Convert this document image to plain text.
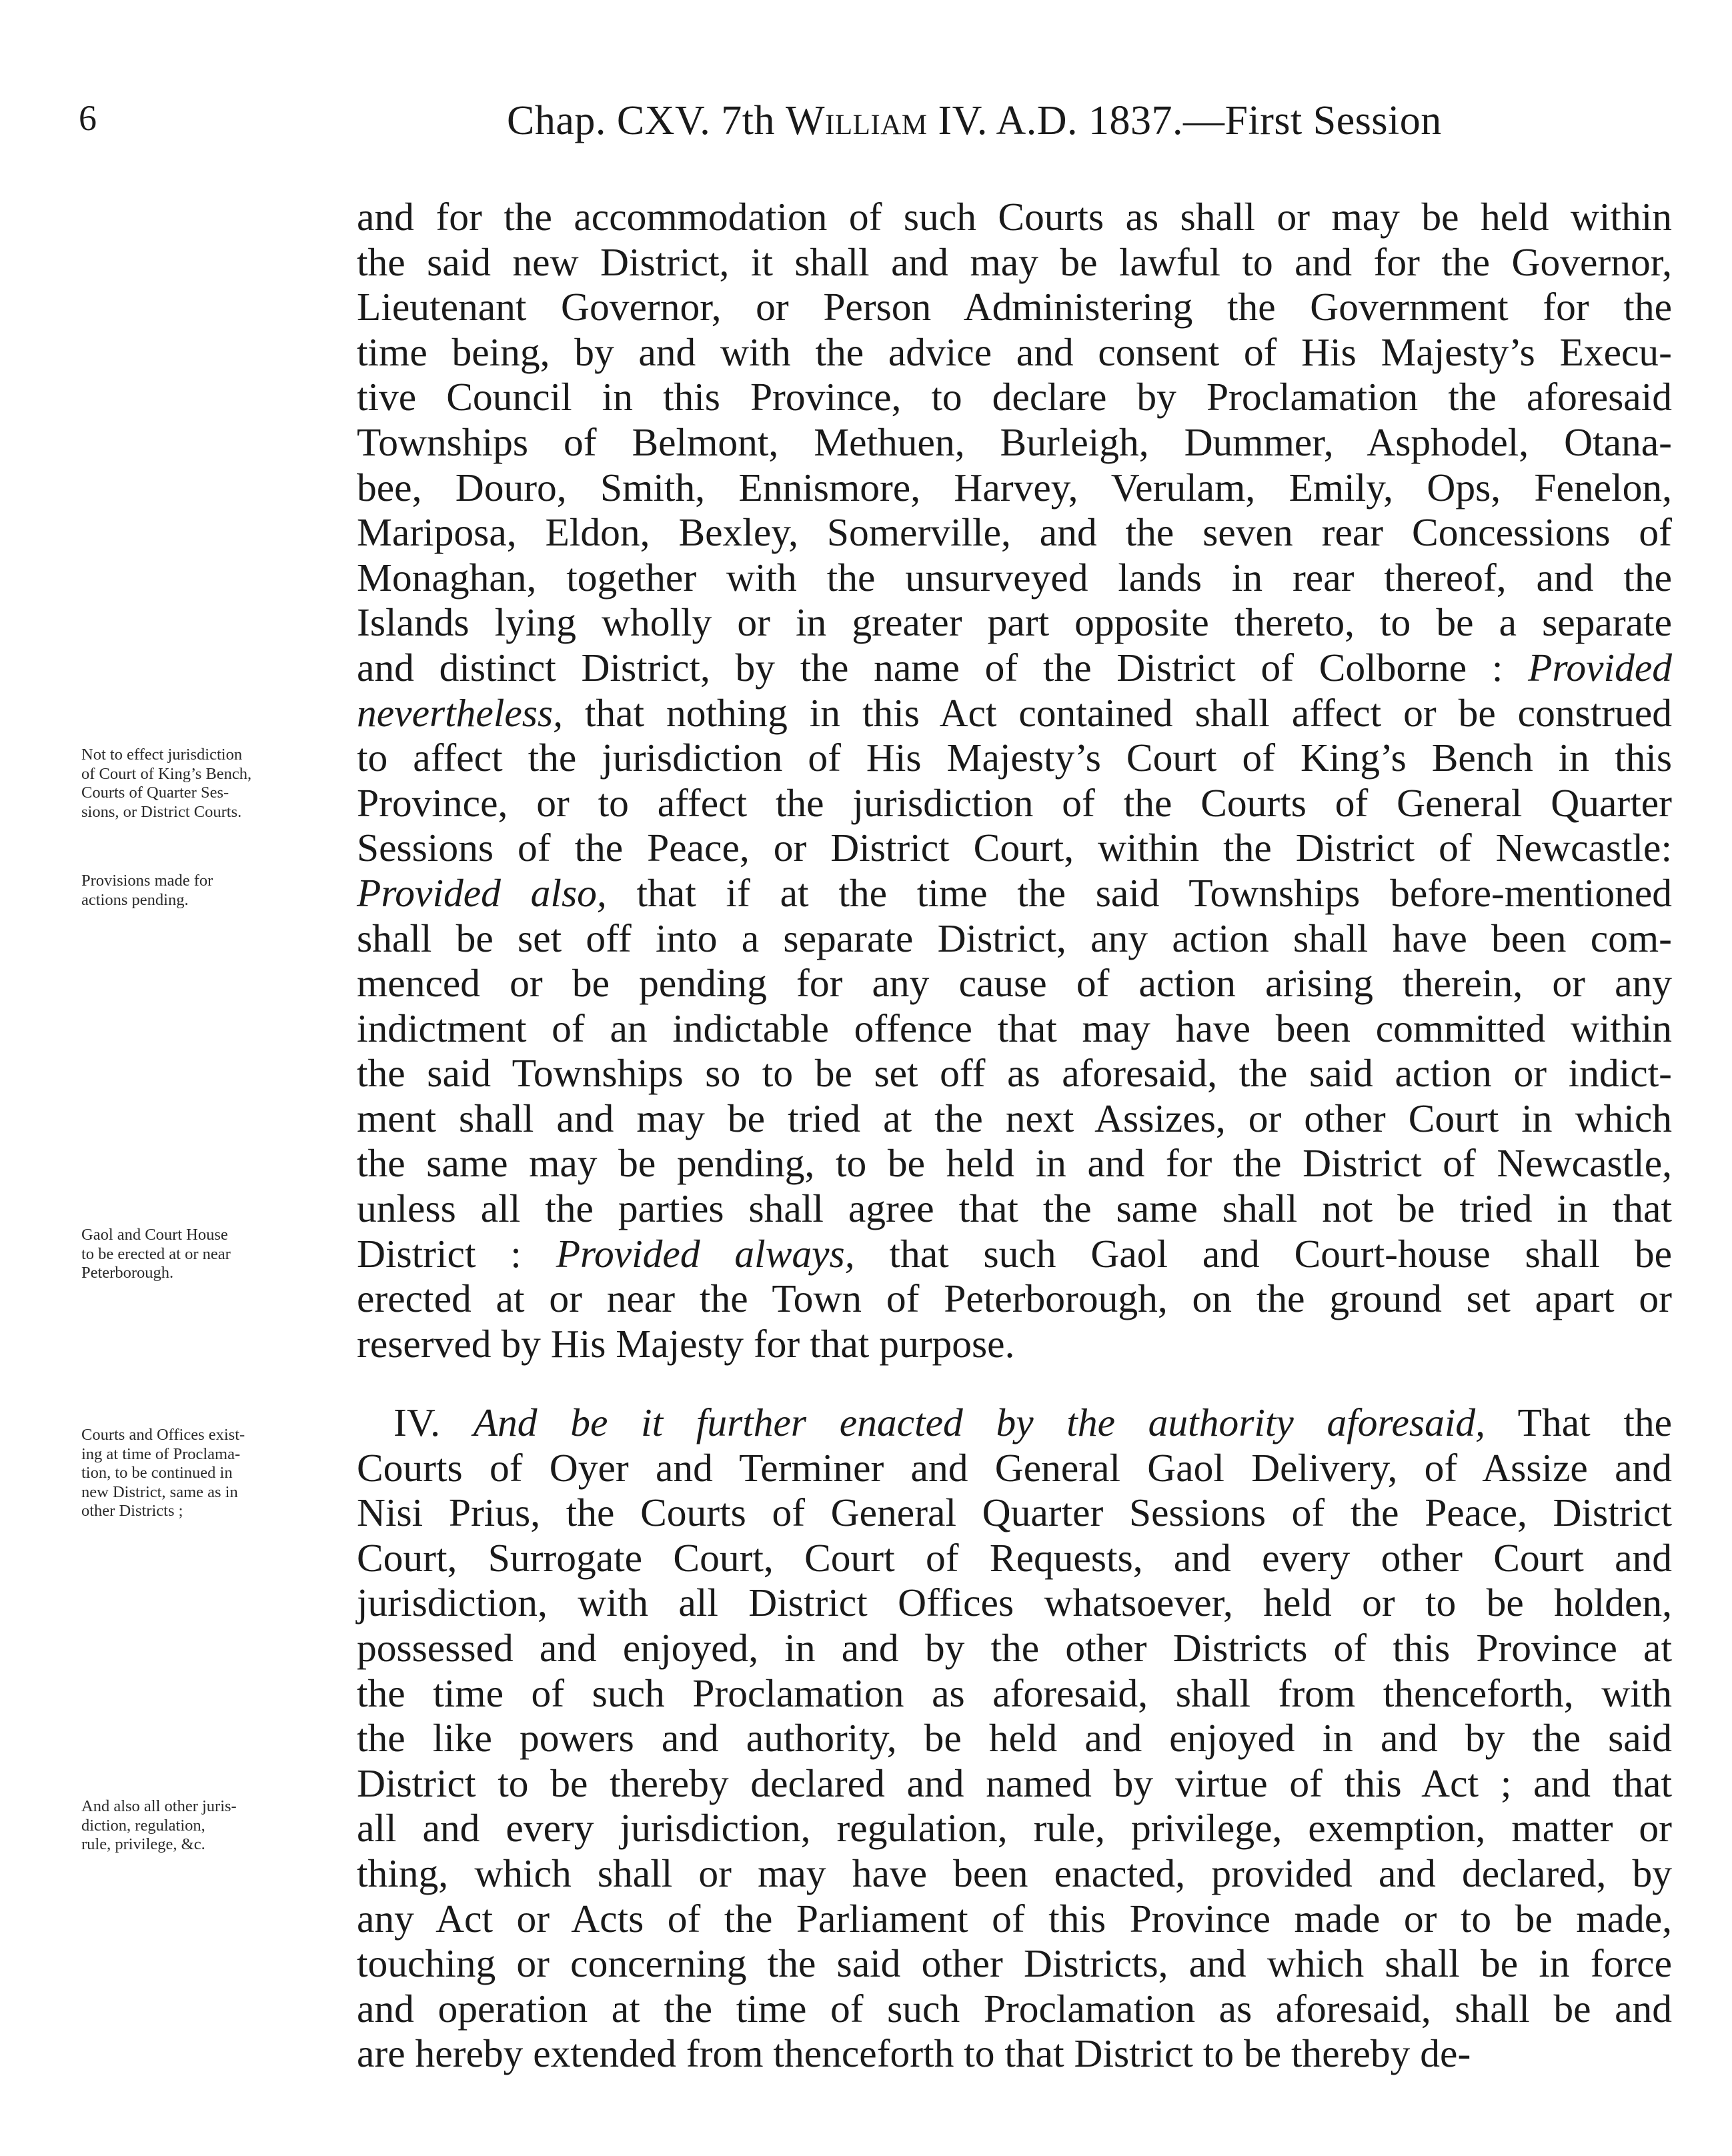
6	Chap. CXV. 7th William IV. A.D. 1837.—First Session
and for the accommodation of such Courts as shall or may be held within
the said new District, it shall and may be lawful to and for the Governor,
Lieutenant Governor, or Person Administering the Government for the
time being, by and with the advice and consent of His Majesty’s Execu-
tive Council in this Province, to declare by Proclamation the aforesaid
Townships of Belmont, Methuen, Burleigh, Dummer, Asphodel, Otana-
bee, Douro, Smith, Ennismore, Harvey, Verulam, Emily, Ops, Fenelon,
Mariposa, Eldon, Bexley, Somerville, and the seven rear Concessions of
Monaghan, together with the unsurveyed lands in rear thereof, and the
Islands lying wholly or in greater part opposite thereto, to be a separate
and distinct District, by the name of the District of Colborne : Provided
nevertheless, that nothing in this Act contained shall affect or be construed
to affect the jurisdiction of His Majesty’s Court of King’s Bench in this
Province, or to affect the jurisdiction of the Courts of General Quarter
Sessions of the Peace, or District Court, within the District of Newcastle:
Provided also, that if at the time the said Townships before-mentioned
shall be set off into a separate District, any action shall have been com-
menced or be pending for any cause of action arising therein, or any
indictment of an indictable offence that may have been committed within
the said Townships so to be set off as aforesaid, the said action or indict-
ment shall and may be tried at the next Assizes, or other Court in which
the same may be pending, to be held in and for the District of Newcastle,
unless all the parties shall agree that the same shall not be tried in that
District : Provided always, that such Gaol and Court-house shall be
erected at or near the Town of Peterborough, on the ground set apart or
reserved by His Majesty for that purpose.
IV. And be it further enacted by the authority aforesaid, That the
Courts of Oyer and Terminer and General Gaol Delivery, of Assize and
Nisi Prius, the Courts of General Quarter Sessions of the Peace, District
Court, Surrogate Court, Court of Requests, and every other Court and
jurisdiction, with all District Offices whatsoever, held or to be holden,
possessed and enjoyed, in and by the other Districts of this Province at
the time of such Proclamation as aforesaid, shall from thenceforth, with
the like powers and authority, be held and enjoyed in and by the said
District to be thereby declared and named by virtue of this Act ; and that
all and every jurisdiction, regulation, rule, privilege, exemption, matter or
thing, which shall or may have been enacted, provided and declared, by
any Act or Acts of the Parliament of this Province made or to be made,
touching or concerning the said other Districts, and which shall be in force
and operation at the time of such Proclamation as aforesaid, shall be and
are hereby extended from thenceforth to that District to be thereby de-
Not to effect jurisdiction
of Court of King’s Bench,
Courts of Quarter Ses-
sions, or District Courts.
Provisions made for
actions pending.
Gaol and Court House
to be erected at or near
Peterborough.
Courts and Offices exist-
ing at time of Proclama-
tion, to be continued in
new District, same as in
other Districts ;
And also all other juris-
diction, regulation,
rule, privilege, &c.
